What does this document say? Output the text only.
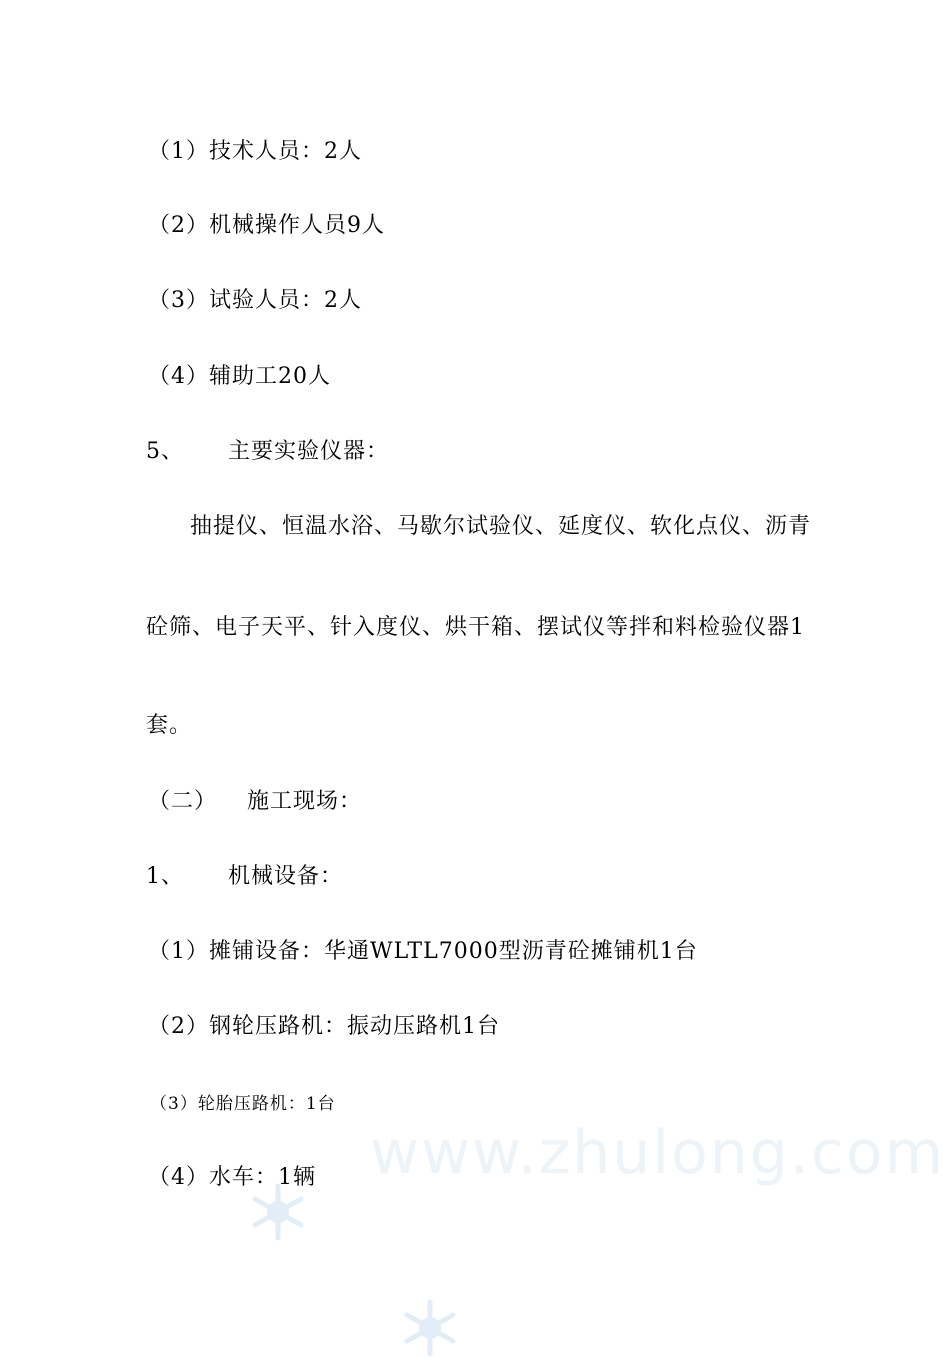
（1）技术人员：2人
（2）机械操作人员9人
（3）试验人员：2人
（4）辅助工20人
5、 主要实验仪器：
抽提仪、恒温水浴、马歇尔试验仪、延度仪、软化点仪、沥青
砼筛、电子天平、针入度仪、烘干箱、摆试仪等拌和料检验仪器1
套。
（二） 施工现场：
1、 机械设备：
（1）摊铺设备：华通WLTL7000型沥青砼摊铺机1台
（2）钢轮压路机：振动压路机1台
（3）轮胎压路机：1台
（4）水车：1辆 www.zhulong.com
